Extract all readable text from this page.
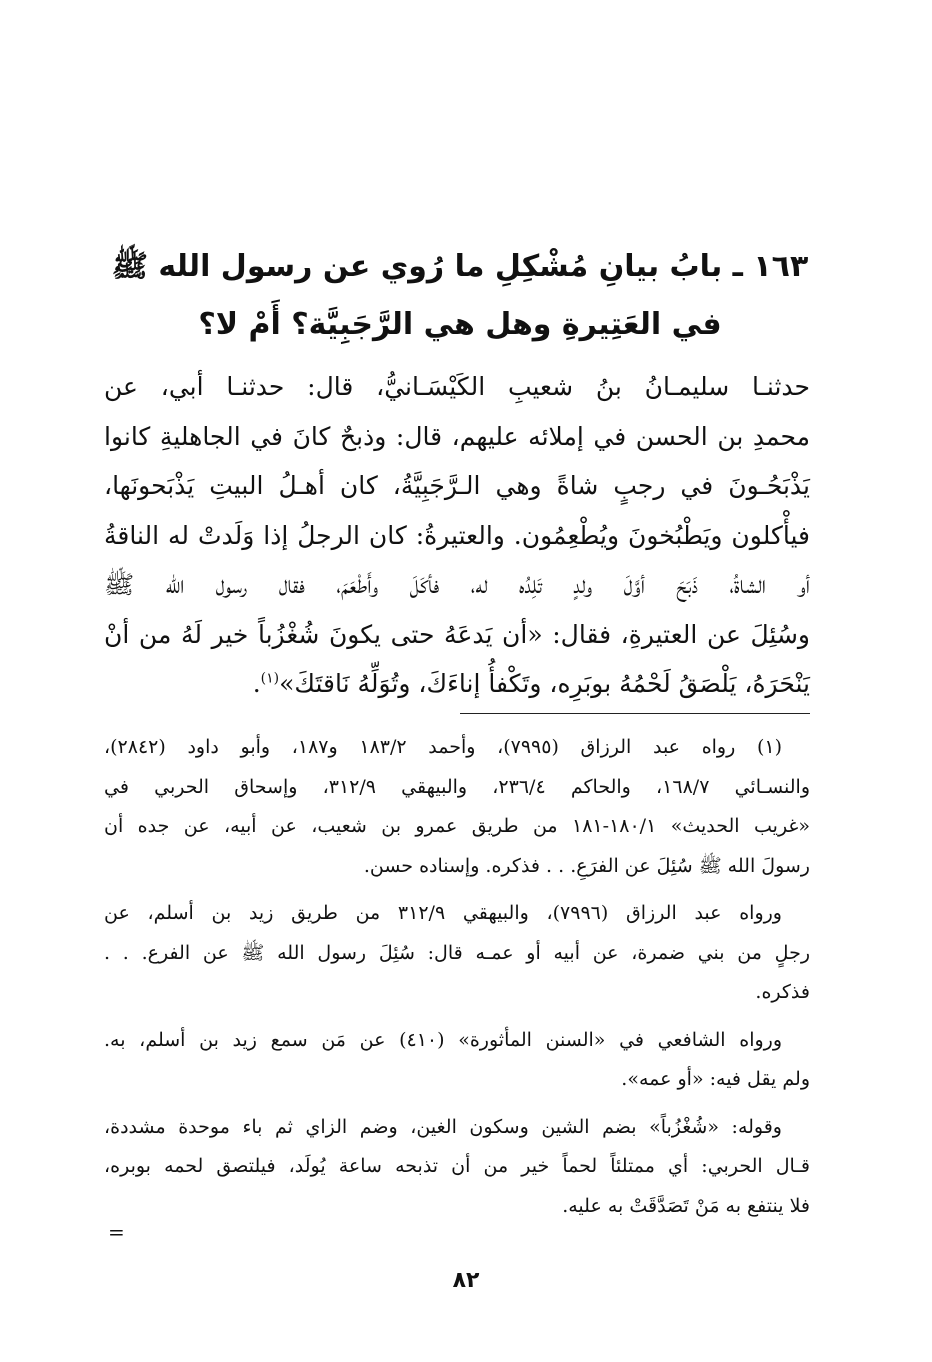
١٦٣ ـ بابُ بيانِ مُشْكِلِ ما رُوي عن رسول الله ﷺ
في العَتِيرةِ وهل هي الرَّجَبِيَّة؟ أَمْ لا؟
حدثنـا سليمـانُ بنُ شعيبِ الكَيْسَـانيُّ، قال: حدثنـا أبي، عن
محمدِ بن الحسن في إملائه عليهم، قال: وذبحٌ كانَ في الجاهليةِ كانوا
يَذْبَحُـونَ في رجبٍ شاةً وهي الـرَّجَبِيَّةُ، كان أهـلُ البيتِ يَذْبَحونَها،
فيأْكلون ويَطْبُخونَ ويُطْعِمُون. والعتيرةُ: كان الرجلُ إذا وَلَدتْ له الناقةُ
أو الشاةُ، ذَبَحَ أوَّلَ ولدٍ تَلِدُه له، فأكَلَ وأَطْعَمَ، فقال رسول الله ﷺ
وسُئِلَ عن العتيرةِ، فقال: «أن يَدعَهُ حتى يكونَ شُغْزُباً خير لَهُ من أنْ
يَنْحَرَهُ، يَلْصَقُ لَحْمُهُ بوبَرِه، وتَكْفأُ إناءَكَ، وتُوَلِّهُ نَاقتَكَ»$^{(١)}$.
(١) رواه عبد الرزاق (٧٩٩٥)، وأحمد ١٨٣/٢ و١٨٧، وأبو داود (٢٨٤٢)،
والنسـائي ١٦٨/٧، والحاكم ٢٣٦/٤، والبيهقي ٣١٢/٩، وإسحاق الحربي في
«غريب الحديث» ١٨٠/١-١٨١ من طريق عمرو بن شعيب، عن أبيه، عن جده أن
رسولَ الله ﷺ سُئِلَ عن الفرَعِ. . . فذكره. وإسناده حسن.
ورواه عبد الرزاق (٧٩٩٦)، والبيهقي ٣١٢/٩ من طريق زيد بن أسلم، عن
رجلٍ من بني ضمرة، عن أبيه أو عمـه قال: سُئِلَ رسول الله ﷺ عن الفرع. . .
فذكره.
ورواه الشافعي في «السنن المأثورة» (٤١٠) عن مَن سمع زيد بن أسلم، به.
ولم يقل فيه: «أو عمه».
وقوله: «شُغْزُباً» بضم الشين وسكون الغين، وضم الزاي ثم باء موحدة مشددة،
قـال الحربي: أي ممتلئاً لحماً خير من أن تذبحه ساعة يُولَد، فيلتصق لحمه بوبره،
فلا ينتفع به مَنْ تَصَدَّقَتْ به عليه.
=
٨٢
